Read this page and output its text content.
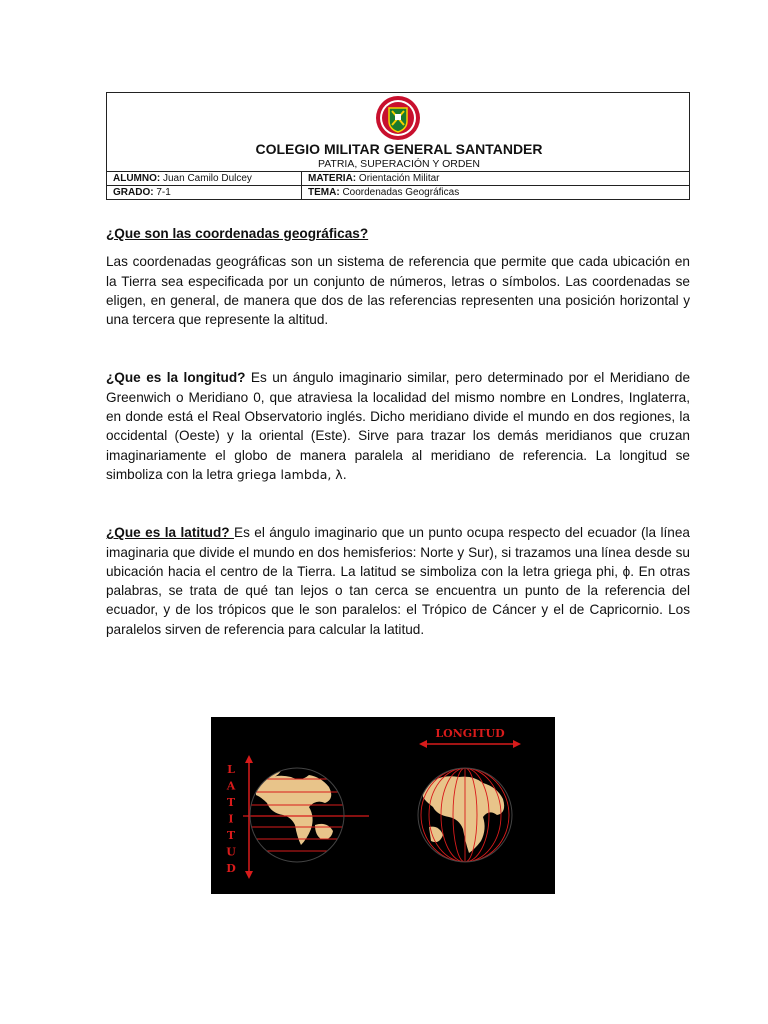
COLEGIO MILITAR GENERAL SANTANDER
PATRIA, SUPERACIÓN Y ORDEN
ALUMNO: Juan Camilo Dulcey	MATERIA: Orientación Militar
GRADO: 7-1	TEMA: Coordenadas Geográficas

¿Que son las coordenadas geográficas?

Las coordenadas geográficas son un sistema de referencia que permite que cada ubicación en la Tierra sea especificada por un conjunto de números, letras o símbolos. Las coordenadas se eligen, en general, de manera que dos de las referencias representen una posición horizontal y una tercera que represente la altitud.

¿Que es la longitud? Es un ángulo imaginario similar, pero determinado por el Meridiano de Greenwich o Meridiano 0, que atraviesa la localidad del mismo nombre en Londres, Inglaterra, en donde está el Real Observatorio inglés. Dicho meridiano divide el mundo en dos regiones, la occidental (Oeste) y la oriental (Este). Sirve para trazar los demás meridianos que cruzan imaginariamente el globo de manera paralela al meridiano de referencia. La longitud se simboliza con la letra griega lambda, λ.

¿Que es la latitud? Es el ángulo imaginario que un punto ocupa respecto del ecuador (la línea imaginaria que divide el mundo en dos hemisferios: Norte y Sur), si trazamos una línea desde su ubicación hacia el centro de la Tierra. La latitud se simboliza con la letra griega phi, ϕ. En otras palabras, se trata de qué tan lejos o tan cerca se encuentra un punto de la referencia del ecuador, y de los trópicos que le son paralelos: el Trópico de Cáncer y el de Capricornio. Los paralelos sirven de referencia para calcular la latitud.

L
A
T
I
T
U
D
LONGITUD
